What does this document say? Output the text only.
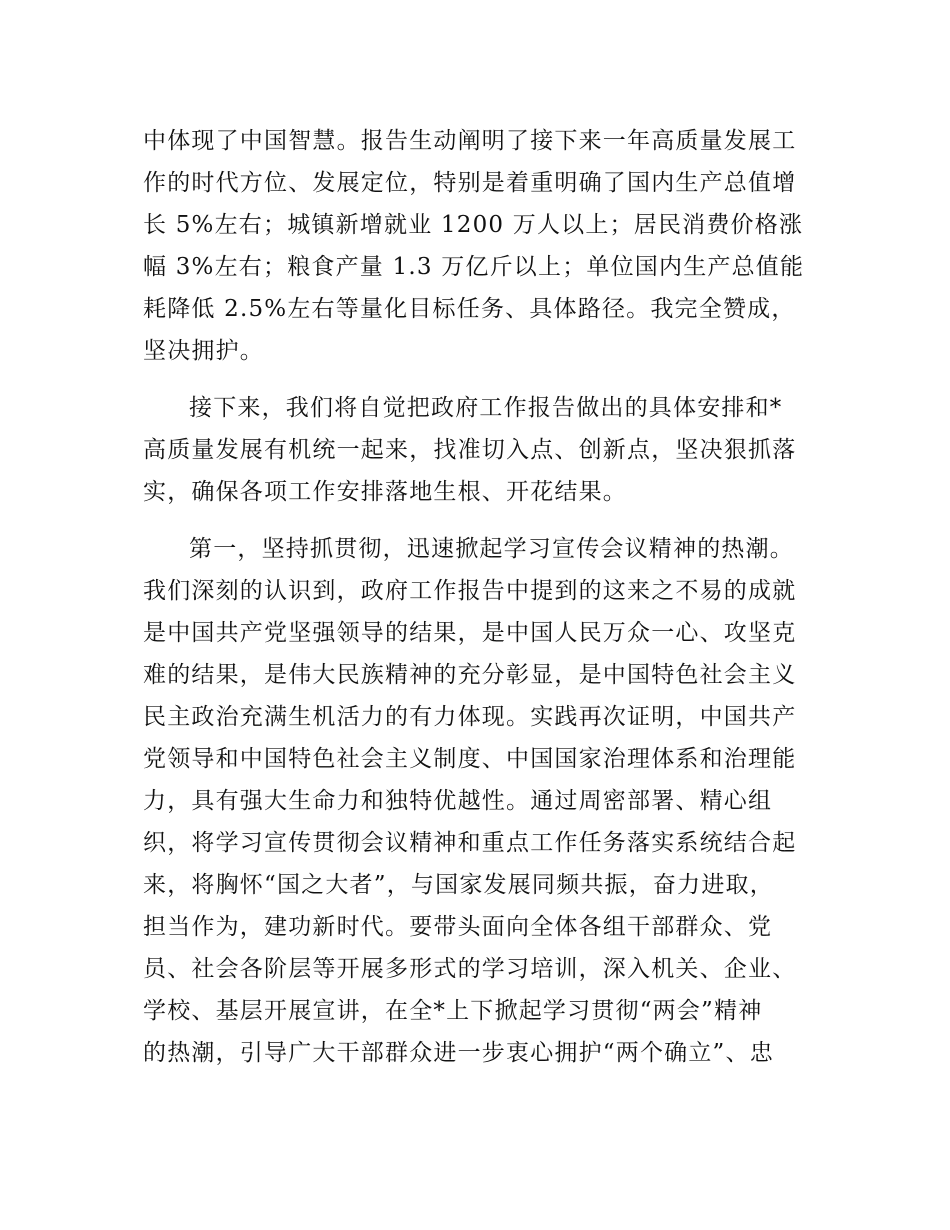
中体现了中国智慧。报告生动阐明了接下来一年高质量发展工
作的时代方位、发展定位，特别是着重明确了国内生产总值增
长 5%左右；城镇新增就业 1200 万人以上；居民消费价格涨
幅 3%左右；粮食产量 1.3 万亿斤以上；单位国内生产总值能
耗降低 2.5%左右等量化目标任务、具体路径。我完全赞成，
坚决拥护。
接下来，我们将自觉把政府工作报告做出的具体安排和*
高质量发展有机统一起来，找准切入点、创新点，坚决狠抓落
实，确保各项工作安排落地生根、开花结果。
第一，坚持抓贯彻，迅速掀起学习宣传会议精神的热潮。
我们深刻的认识到，政府工作报告中提到的这来之不易的成就
是中国共产党坚强领导的结果，是中国人民万众一心、攻坚克
难的结果，是伟大民族精神的充分彰显，是中国特色社会主义
民主政治充满生机活力的有力体现。实践再次证明，中国共产
党领导和中国特色社会主义制度、中国国家治理体系和治理能
力，具有强大生命力和独特优越性。通过周密部署、精心组
织，将学习宣传贯彻会议精神和重点工作任务落实系统结合起
来，将胸怀“国之大者”，与国家发展同频共振，奋力进取，
担当作为，建功新时代。要带头面向全体各组干部群众、党
员、社会各阶层等开展多形式的学习培训，深入机关、企业、
学校、基层开展宣讲，在全*上下掀起学习贯彻“两会”精神
的热潮，引导广大干部群众进一步衷心拥护“两个确立”、忠
